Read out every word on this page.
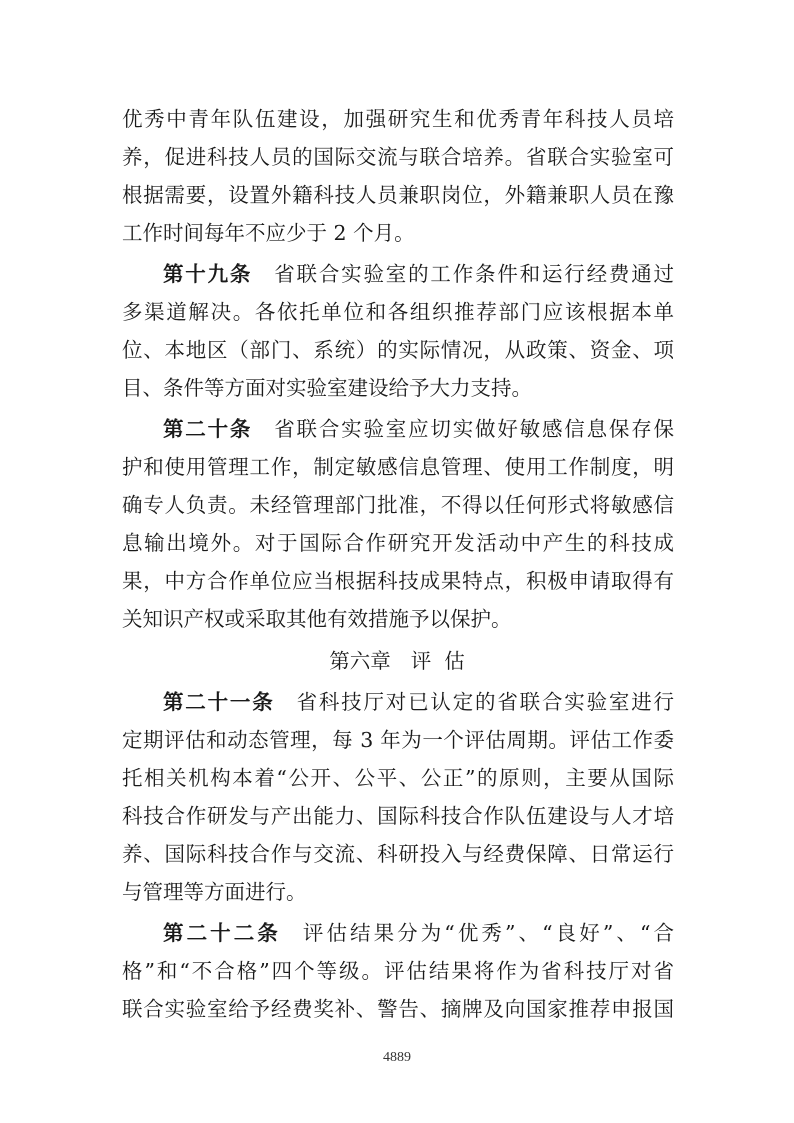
优秀中青年队伍建设，加强研究生和优秀青年科技人员培
养，促进科技人员的国际交流与联合培养。省联合实验室可
根据需要，设置外籍科技人员兼职岗位，外籍兼职人员在豫
工作时间每年不应少于 2 个月。
第十九条 省联合实验室的工作条件和运行经费通过
多渠道解决。各依托单位和各组织推荐部门应该根据本单
位、本地区（部门、系统）的实际情况，从政策、资金、项
目、条件等方面对实验室建设给予大力支持。
第二十条 省联合实验室应切实做好敏感信息保存保
护和使用管理工作，制定敏感信息管理、使用工作制度，明
确专人负责。未经管理部门批准，不得以任何形式将敏感信
息输出境外。对于国际合作研究开发活动中产生的科技成
果，中方合作单位应当根据科技成果特点，积极申请取得有
关知识产权或采取其他有效措施予以保护。
第六章 评  估
第二十一条 省科技厅对已认定的省联合实验室进行
定期评估和动态管理，每 3 年为一个评估周期。评估工作委
托相关机构本着“公开、公平、公正”的原则，主要从国际
科技合作研发与产出能力、国际科技合作队伍建设与人才培
养、国际科技合作与交流、科研投入与经费保障、日常运行
与管理等方面进行。
第二十二条 评估结果分为“优秀”、“良好”、“合
格”和“不合格”四个等级。评估结果将作为省科技厅对省
联合实验室给予经费奖补、警告、摘牌及向国家推荐申报国
4889
